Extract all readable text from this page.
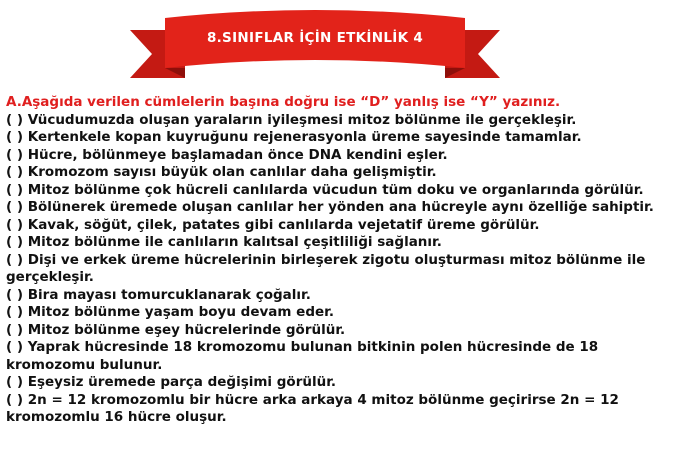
8.SINIFLAR İÇİN ETKİNLİK 4
A.Aşağıda verilen cümlelerin başına doğru ise “D” yanlış ise “Y” yazınız.

( ) Vücudumuzda oluşan yaraların iyileşmesi mitoz bölünme ile gerçekleşir.

( ) Kertenkele kopan kuyruğunu rejenerasyonla üreme sayesinde tamamlar.

( ) Hücre, bölünmeye başlamadan önce DNA kendini eşler.

( ) Kromozom sayısı büyük olan canlılar daha gelişmiştir.

( ) Mitoz bölünme çok hücreli canlılarda vücudun tüm doku ve organlarında görülür.

( ) Bölünerek üremede oluşan canlılar her yönden ana hücreyle aynı özelliğe sahiptir.

( ) Kavak, söğüt, çilek, patates gibi canlılarda vejetatif üreme görülür.

( ) Mitoz bölünme ile canlıların kalıtsal çeşitliliği sağlanır.

( ) Dişi ve erkek üreme hücrelerinin birleşerek zigotu oluşturması mitoz bölünme ile gerçekleşir.

( ) Bira mayası tomurcuklanarak çoğalır.

( ) Mitoz bölünme yaşam boyu devam eder.

( ) Mitoz bölünme eşey hücrelerinde görülür.

( ) Yaprak hücresinde 18 kromozomu bulunan bitkinin polen hücresinde de 18 kromozomu bulunur.

( ) Eşeysiz üremede parça değişimi görülür.

( ) 2n = 12 kromozomlu bir hücre arka arkaya 4 mitoz bölünme geçirirse 2n = 12 kromozomlu 16 hücre oluşur.
